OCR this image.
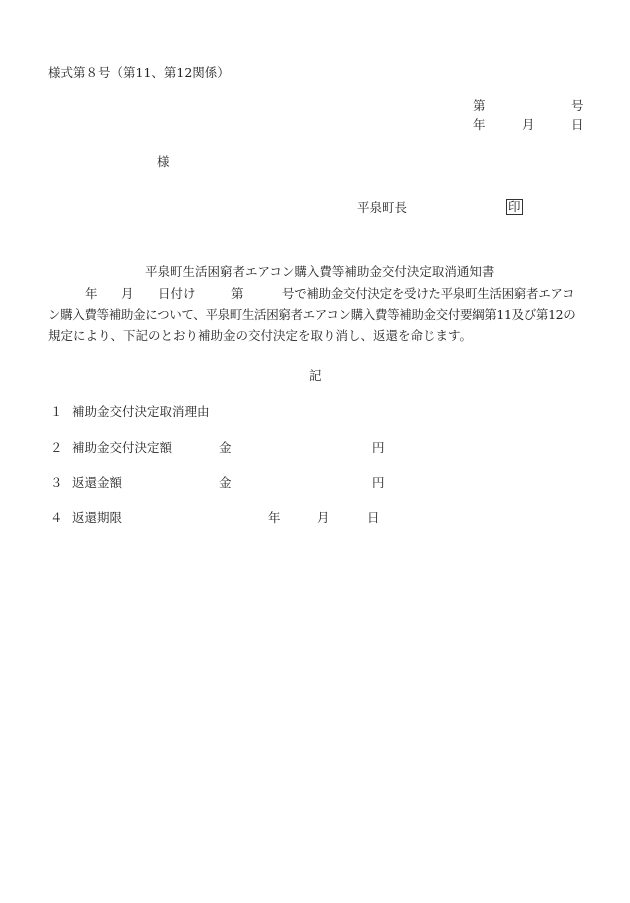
様式第８号（第11、第12関係）
第	号
年	月	日
様
平泉町長	印
平泉町生活困窮者エアコン購入費等補助金交付決定取消通知書
年 月 日付け	第	号で補助金交付決定を受けた平泉町生活困窮者エアコ
ン購入費等補助金について、平泉町生活困窮者エアコン購入費等補助金交付要綱第11及び第12の
規定により、下記のとおり補助金の交付決定を取り消し、返還を命じます。
記
１ 補助金交付決定取消理由
２ 補助金交付決定額	金	円
３ 返還金額	金	円
４ 返還期限	年	月	日
